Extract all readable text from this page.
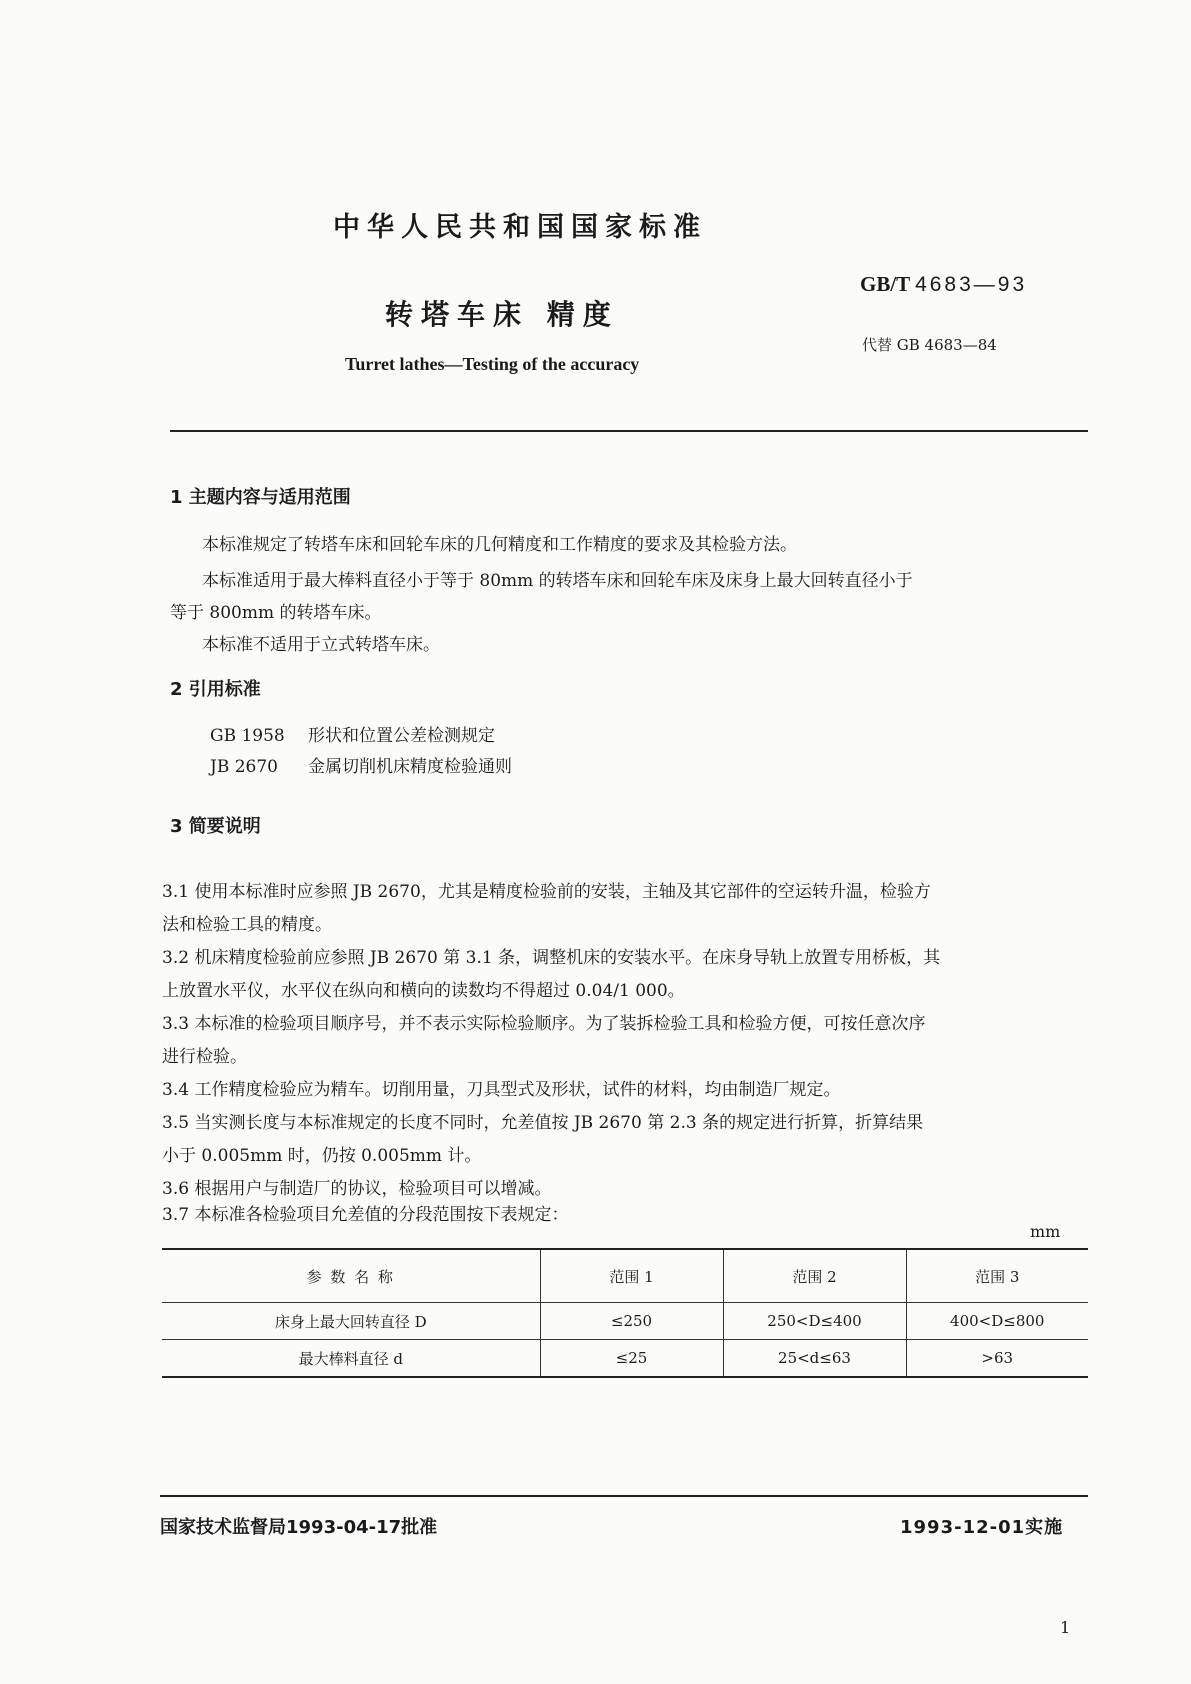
中华人民共和国国家标准
GB/T 4683—93
转塔车床 精度
代替 GB 4683—84
Turret lathes—Testing of the accuracy
1 主题内容与适用范围
本标准规定了转塔车床和回轮车床的几何精度和工作精度的要求及其检验方法。
本标准适用于最大棒料直径小于等于 80mm 的转塔车床和回轮车床及床身上最大回转直径小于
等于 800mm 的转塔车床。
本标准不适用于立式转塔车床。
2 引用标准
GB 1958 形状和位置公差检测规定
JB 2670 金属切削机床精度检验通则
3 简要说明
3.1 使用本标准时应参照 JB 2670，尤其是精度检验前的安装，主轴及其它部件的空运转升温，检验方
法和检验工具的精度。
3.2 机床精度检验前应参照 JB 2670 第 3.1 条，调整机床的安装水平。在床身导轨上放置专用桥板，其
上放置水平仪，水平仪在纵向和横向的读数均不得超过 0.04/1 000。
3.3 本标准的检验项目顺序号，并不表示实际检验顺序。为了装拆检验工具和检验方便，可按任意次序
进行检验。
3.4 工作精度检验应为精车。切削用量，刀具型式及形状，试件的材料，均由制造厂规定。
3.5 当实测长度与本标准规定的长度不同时，允差值按 JB 2670 第 2.3 条的规定进行折算，折算结果
小于 0.005mm 时，仍按 0.005mm 计。
3.6 根据用户与制造厂的协议，检验项目可以增减。
3.7 本标准各检验项目允差值的分段范围按下表规定：
mm
参 数 名 称	范围 1	范围 2	范围 3
床身上最大回转直径 D	≤250	250<D≤400	400<D≤800
最大棒料直径 d	≤25	25<d≤63	>63
国家技术监督局1993-04-17批准	1993-12-01实施
1
